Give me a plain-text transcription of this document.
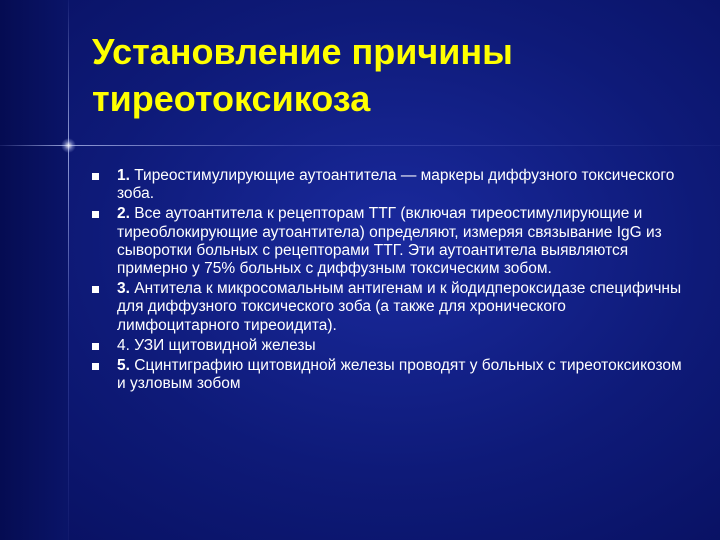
Установление причины
тиреотоксикоза
1. Тиреостимулирующие аутоантитела — маркеры диффузного токсического зоба.
2. Все аутоантитела к рецепторам ТТГ (включая тиреостимулирующие и тиреоблокирующие аутоантитела) определяют, измеряя связывание IgG из сыворотки больных с рецепторами ТТГ. Эти аутоантитела выявляются примерно у 75% больных с диффузным токсическим зобом.
3. Антитела к микросомальным антигенам и к йодидпероксидазе специфичны для диффузного токсического зоба (а также для хронического лимфоцитарного тиреоидита).
4. УЗИ щитовидной железы
5. Сцинтиграфию щитовидной железы проводят у больных с тиреотоксикозом и узловым зобом
